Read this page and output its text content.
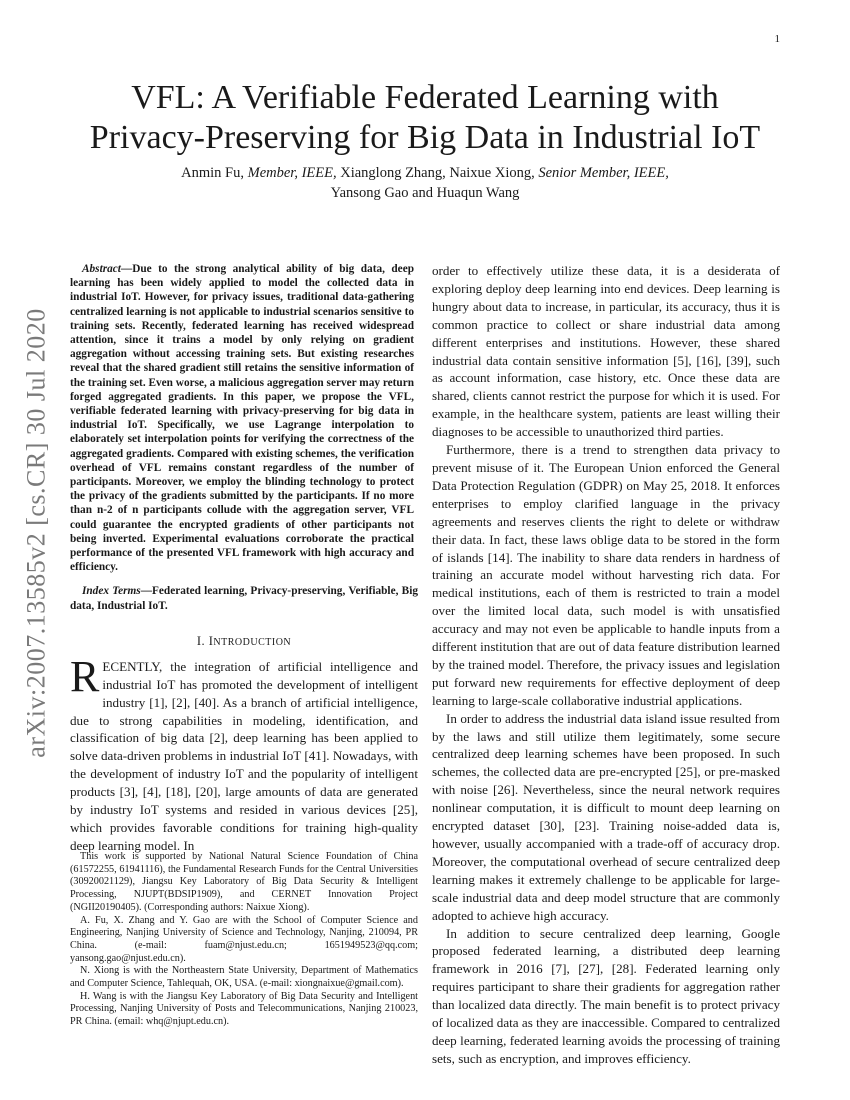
1
arXiv:2007.13585v2 [cs.CR] 30 Jul 2020
VFL: A Verifiable Federated Learning with
Privacy-Preserving for Big Data in Industrial IoT
Anmin Fu, Member, IEEE, Xianglong Zhang, Naixue Xiong, Senior Member, IEEE,
Yansong Gao and Huaqun Wang

Abstract—Due to the strong analytical ability of big data, deep learning has been widely applied to model the collected data in industrial IoT. However, for privacy issues, traditional data-gathering centralized learning is not applicable to industrial scenarios sensitive to training sets. Recently, federated learning has received widespread attention, since it trains a model by only relying on gradient aggregation without accessing training sets. But existing researches reveal that the shared gradient still retains the sensitive information of the training set. Even worse, a malicious aggregation server may return forged aggregated gradients. In this paper, we propose the VFL, verifiable federated learning with privacy-preserving for big data in industrial IoT. Specifically, we use Lagrange interpolation to elaborately set interpolation points for verifying the correctness of the aggregated gradients. Compared with existing schemes, the verification overhead of VFL remains constant regardless of the number of participants. Moreover, we employ the blinding technology to protect the privacy of the gradients submitted by the participants. If no more than n-2 of n participants collude with the aggregation server, VFL could guarantee the encrypted gradients of other participants not being inverted. Experimental evaluations corroborate the practical performance of the presented VFL framework with high accuracy and efficiency.

Index Terms—Federated learning, Privacy-preserving, Verifiable, Big data, Industrial IoT.

I. INTRODUCTION

RECENTLY, the integration of artificial intelligence and industrial IoT has promoted the development of intelligent industry [1], [2], [40]. As a branch of artificial intelligence, due to strong capabilities in modeling, identification, and classification of big data [2], deep learning has been applied to solve data-driven problems in industrial IoT [41]. Nowadays, with the development of industry IoT and the popularity of intelligent products [3], [4], [18], [20], large amounts of data are generated by industry IoT systems and resided in various devices [25], which provides favorable conditions for training high-quality deep learning model. In

This work is supported by National Natural Science Foundation of China (61572255, 61941116), the Fundamental Research Funds for the Central Universities (30920021129), Jiangsu Key Laboratory of Big Data Security & Intelligent Processing, NJUPT(BDSIP1909), and CERNET Innovation Project (NGII20190405). (Corresponding authors: Naixue Xiong).

A. Fu, X. Zhang and Y. Gao are with the School of Computer Science and Engineering, Nanjing University of Science and Technology, Nanjing, 210094, PR China. (e-mail: fuam@njust.edu.cn; 1651949523@qq.com; yansong.gao@njust.edu.cn).

N. Xiong is with the Northeastern State University, Department of Mathematics and Computer Science, Tahlequah, OK, USA. (e-mail: xiongnaixue@gmail.com).

H. Wang is with the Jiangsu Key Laboratory of Big Data Security and Intelligent Processing, Nanjing University of Posts and Telecommunications, Nanjing 210023, PR China. (email: whq@njupt.edu.cn).

order to effectively utilize these data, it is a desiderata of exploring deploy deep learning into end devices. Deep learning is hungry about data to increase, in particular, its accuracy, thus it is common practice to collect or share industrial data among different enterprises and institutions. However, these shared industrial data contain sensitive information [5], [16], [39], such as account information, case history, etc. Once these data are shared, clients cannot restrict the purpose for which it is used. For example, in the healthcare system, patients are least willing their diagnoses to be accessible to unauthorized third parties.

Furthermore, there is a trend to strengthen data privacy to prevent misuse of it. The European Union enforced the General Data Protection Regulation (GDPR) on May 25, 2018. It enforces enterprises to employ clarified language in the privacy agreements and reserves clients the right to delete or withdraw their data. In fact, these laws oblige data to be stored in the form of islands [14]. The inability to share data renders in hardness of training an accurate model without harvesting rich data. For medical institutions, each of them is restricted to train a model over the limited local data, such model is with unsatisfied accuracy and may not even be applicable to handle inputs from a different institution that are out of data feature distribution learned by the trained model. Therefore, the privacy issues and legislation put forward new requirements for effective deployment of deep learning to large-scale collaborative industrial applications.

In order to address the industrial data island issue resulted from by the laws and still utilize them legitimately, some secure centralized deep learning schemes have been proposed. In such schemes, the collected data are pre-encrypted [25], or pre-masked with noise [26]. Nevertheless, since the neural network requires nonlinear computation, it is difficult to mount deep learning on encrypted dataset [30], [23]. Training noise-added data is, however, usually accompanied with a trade-off of accuracy drop. Moreover, the computational overhead of secure centralized deep learning makes it extremely challenge to be applicable for large-scale industrial data and deep model structure that are commonly adopted to achieve high accuracy.

In addition to secure centralized deep learning, Google proposed federated learning, a distributed deep learning framework in 2016 [7], [27], [28]. Federated learning only requires participant to share their gradients for aggregation rather than localized data directly. The main benefit is to protect privacy of localized data as they are inaccessible. Compared to centralized deep learning, federated learning avoids the processing of training sets, such as encryption, and improves efficiency.
